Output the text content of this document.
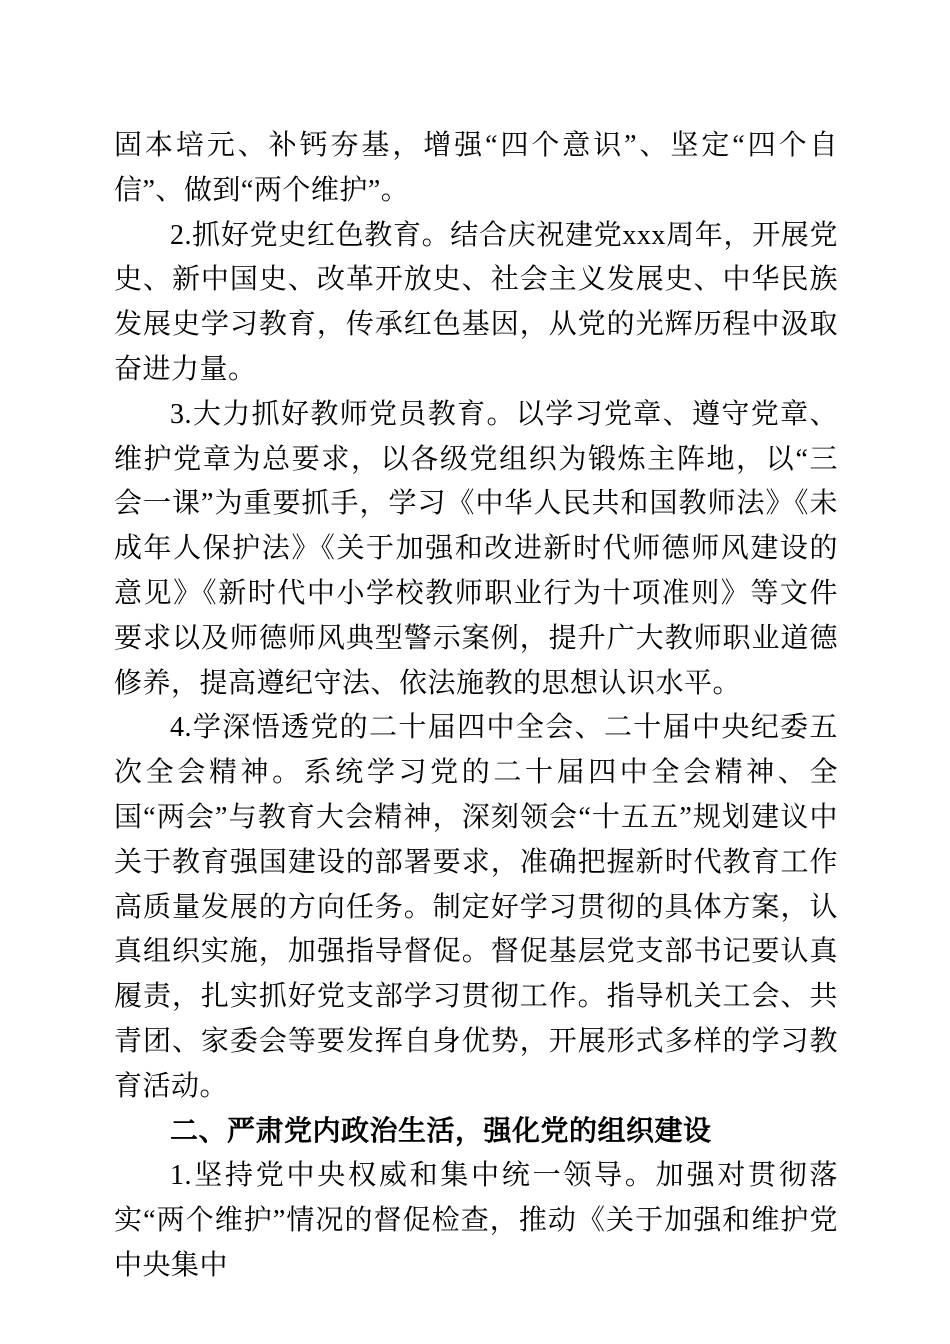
固本培元、补钙夯基，增强“四个意识”、坚定“四个自信”、做到“两个维护”。

2.抓好党史红色教育。结合庆祝建党xxx周年，开展党史、新中国史、改革开放史、社会主义发展史、中华民族发展史学习教育，传承红色基因，从党的光辉历程中汲取奋进力量。

3.大力抓好教师党员教育。以学习党章、遵守党章、维护党章为总要求，以各级党组织为锻炼主阵地，以“三会一课”为重要抓手，学习《中华人民共和国教师法》《未成年人保护法》《关于加强和改进新时代师德师风建设的意见》《新时代中小学校教师职业行为十项准则》等文件要求以及师德师风典型警示案例，提升广大教师职业道德修养，提高遵纪守法、依法施教的思想认识水平。

4.学深悟透党的二十届四中全会、二十届中央纪委五次全会精神。系统学习党的二十届四中全会精神、全国“两会”与教育大会精神，深刻领会“十五五”规划建议中关于教育强国建设的部署要求，准确把握新时代教育工作高质量发展的方向任务。制定好学习贯彻的具体方案，认真组织实施，加强指导督促。督促基层党支部书记要认真履责，扎实抓好党支部学习贯彻工作。指导机关工会、共青团、家委会等要发挥自身优势，开展形式多样的学习教育活动。

二、严肃党内政治生活，强化党的组织建设

1.坚持党中央权威和集中统一领导。加强对贯彻落实“两个维护”情况的督促检查，推动《关于加强和维护党中央集中
